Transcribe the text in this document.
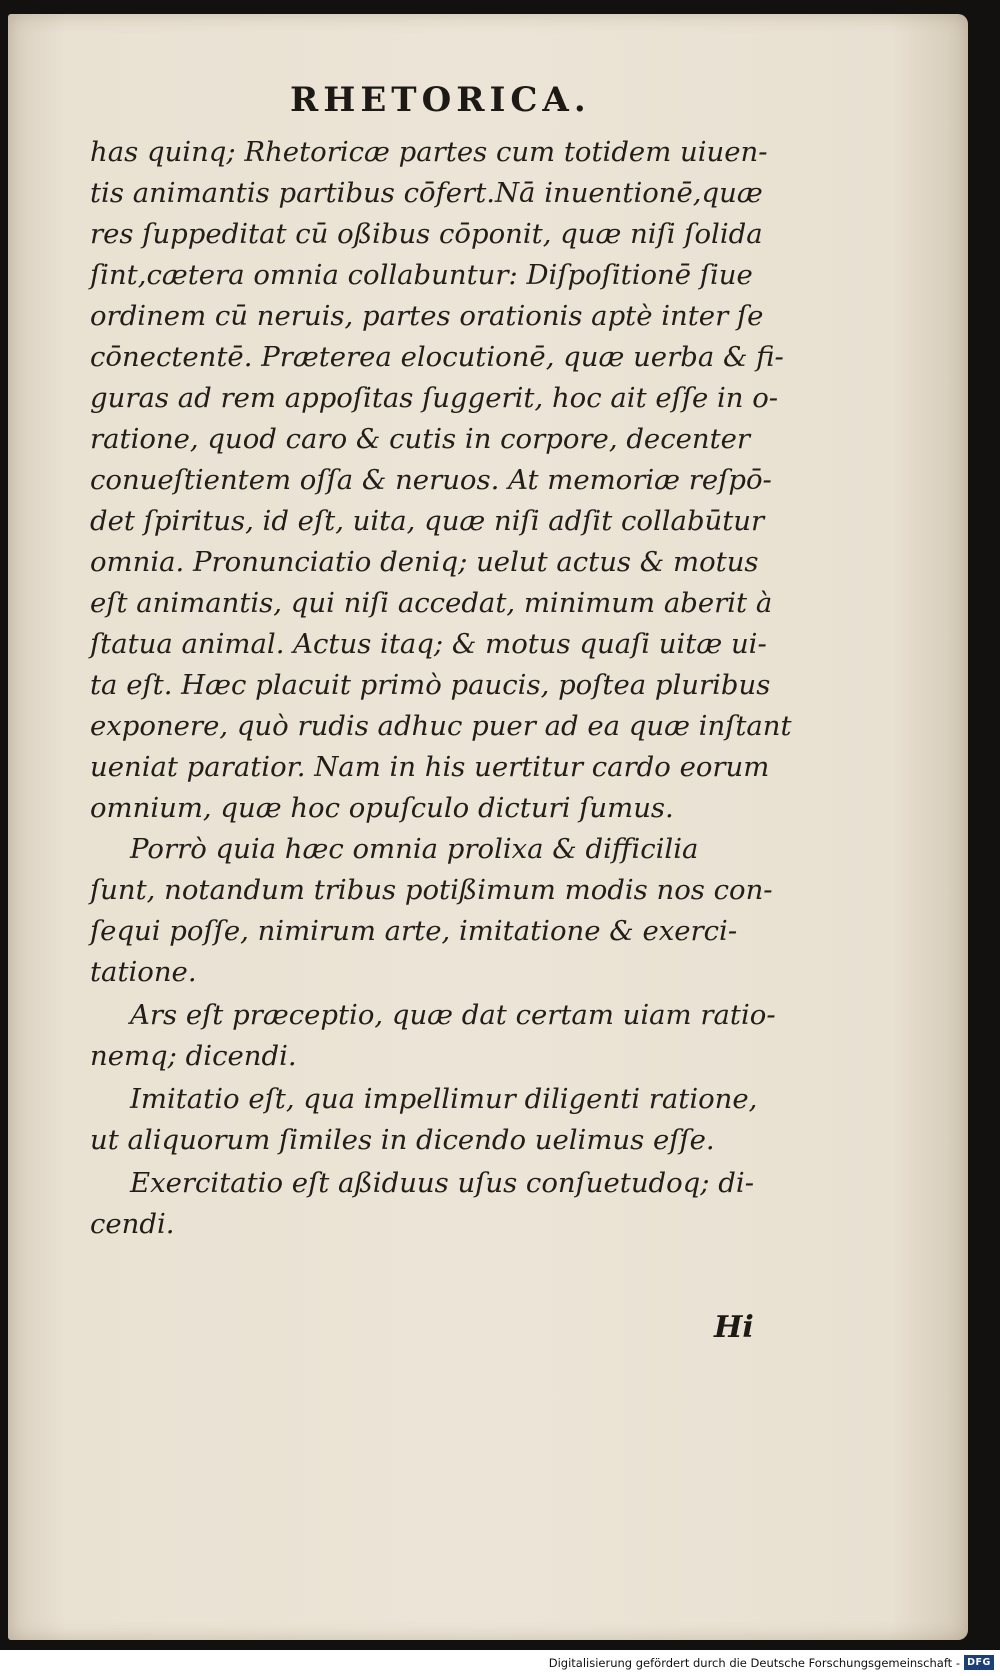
RHETORICA.
has quinq; Rhetoricæ partes cum totidem uiuen-
tis animantis partibus cōfert.Nā inuentionē,quæ
res ſuppeditat cū oßibus cōponit, quæ niſi ſolida
ſint,cætera omnia collabuntur: Diſpoſitionē ſiue
ordinem cū neruis, partes orationis aptè inter ſe
cōnectentē. Præterea elocutionē, quæ uerba & fi-
guras ad rem appoſitas ſuggerit, hoc ait eſſe in o-
ratione, quod caro & cutis in corpore, decenter
conueſtientem oſſa & neruos. At memoriæ reſpō-
det ſpiritus, id eſt, uita, quæ niſi adſit collabūtur
omnia. Pronunciatio deniq; uelut actus & motus
eſt animantis, qui niſi accedat, minimum aberit à
ſtatua animal. Actus itaq; & motus quaſi uitæ ui-
ta eſt. Hæc placuit primò paucis, poſtea pluribus
exponere, quò rudis adhuc puer ad ea quæ inſtant
ueniat paratior. Nam in his uertitur cardo eorum
omnium, quæ hoc opuſculo dicturi ſumus.
Porrò quia hæc omnia prolixa & difficilia
ſunt, notandum tribus potißimum modis nos con-
ſequi poſſe, nimirum arte, imitatione & exerci-
tatione.
Ars eſt præceptio, quæ dat certam uiam ratio-
nemq; dicendi.
Imitatio eſt, qua impellimur diligenti ratione,
ut aliquorum ſimiles in dicendo uelimus eſſe.
Exercitatio eſt aßiduus uſus conſuetudoq; di-
cendi.
Hi
Digitalisierung gefördert durch die Deutsche Forschungsgemeinschaft - DFG
